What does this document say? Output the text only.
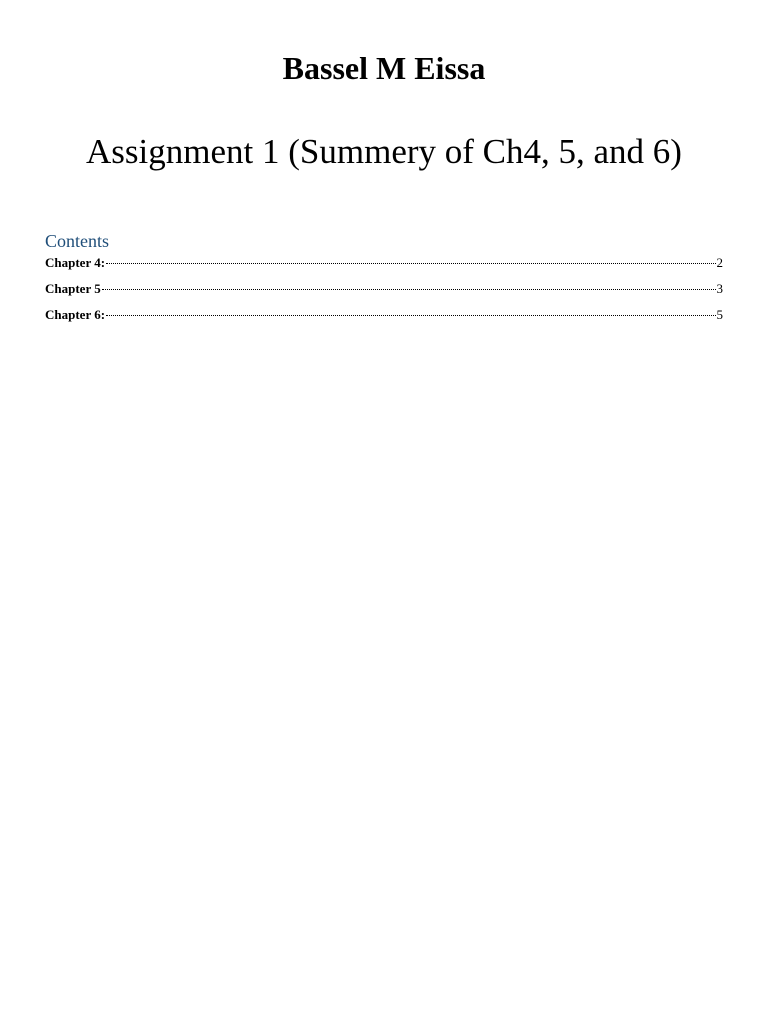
Bassel M Eissa
Assignment 1 (Summery of Ch4, 5, and 6)
Contents
Chapter 4:	2
Chapter 5	3
Chapter 6:	5
